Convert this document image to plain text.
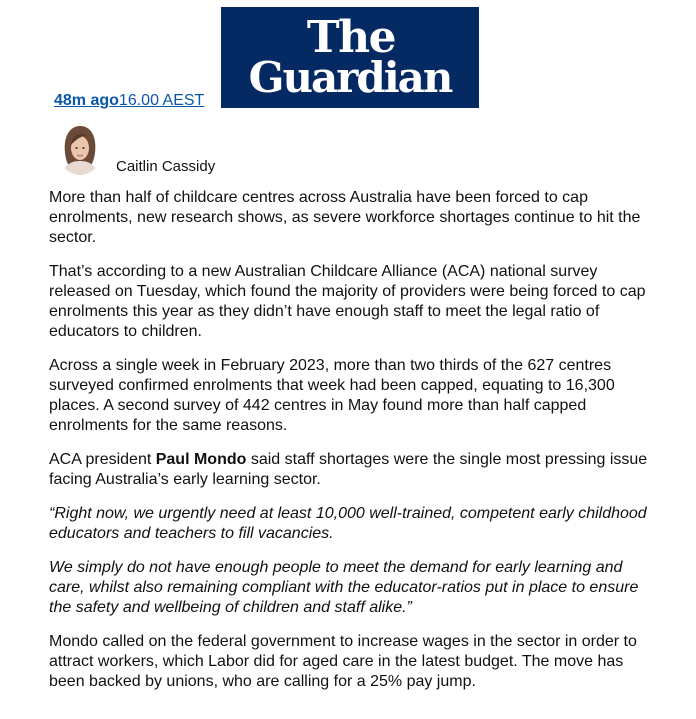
The
Guardian
48m ago16.00 AEST
Caitlin Cassidy

More than half of childcare centres across Australia have been forced to cap enrolments, new research shows, as severe workforce shortages continue to hit the sector.

That’s according to a new Australian Childcare Alliance (ACA) national survey released on Tuesday, which found the majority of providers were being forced to cap enrolments this year as they didn’t have enough staff to meet the legal ratio of educators to children.

Across a single week in February 2023, more than two thirds of the 627 centres surveyed confirmed enrolments that week had been capped, equating to 16,300 places. A second survey of 442 centres in May found more than half capped enrolments for the same reasons.

ACA president Paul Mondo said staff shortages were the single most pressing issue facing Australia’s early learning sector.

“Right now, we urgently need at least 10,000 well-trained, competent early childhood educators and teachers to fill vacancies.

We simply do not have enough people to meet the demand for early learning and care, whilst also remaining compliant with the educator-ratios put in place to ensure the safety and wellbeing of children and staff alike.”

Mondo called on the federal government to increase wages in the sector in order to attract workers, which Labor did for aged care in the latest budget. The move has been backed by unions, who are calling for a 25% pay jump.
